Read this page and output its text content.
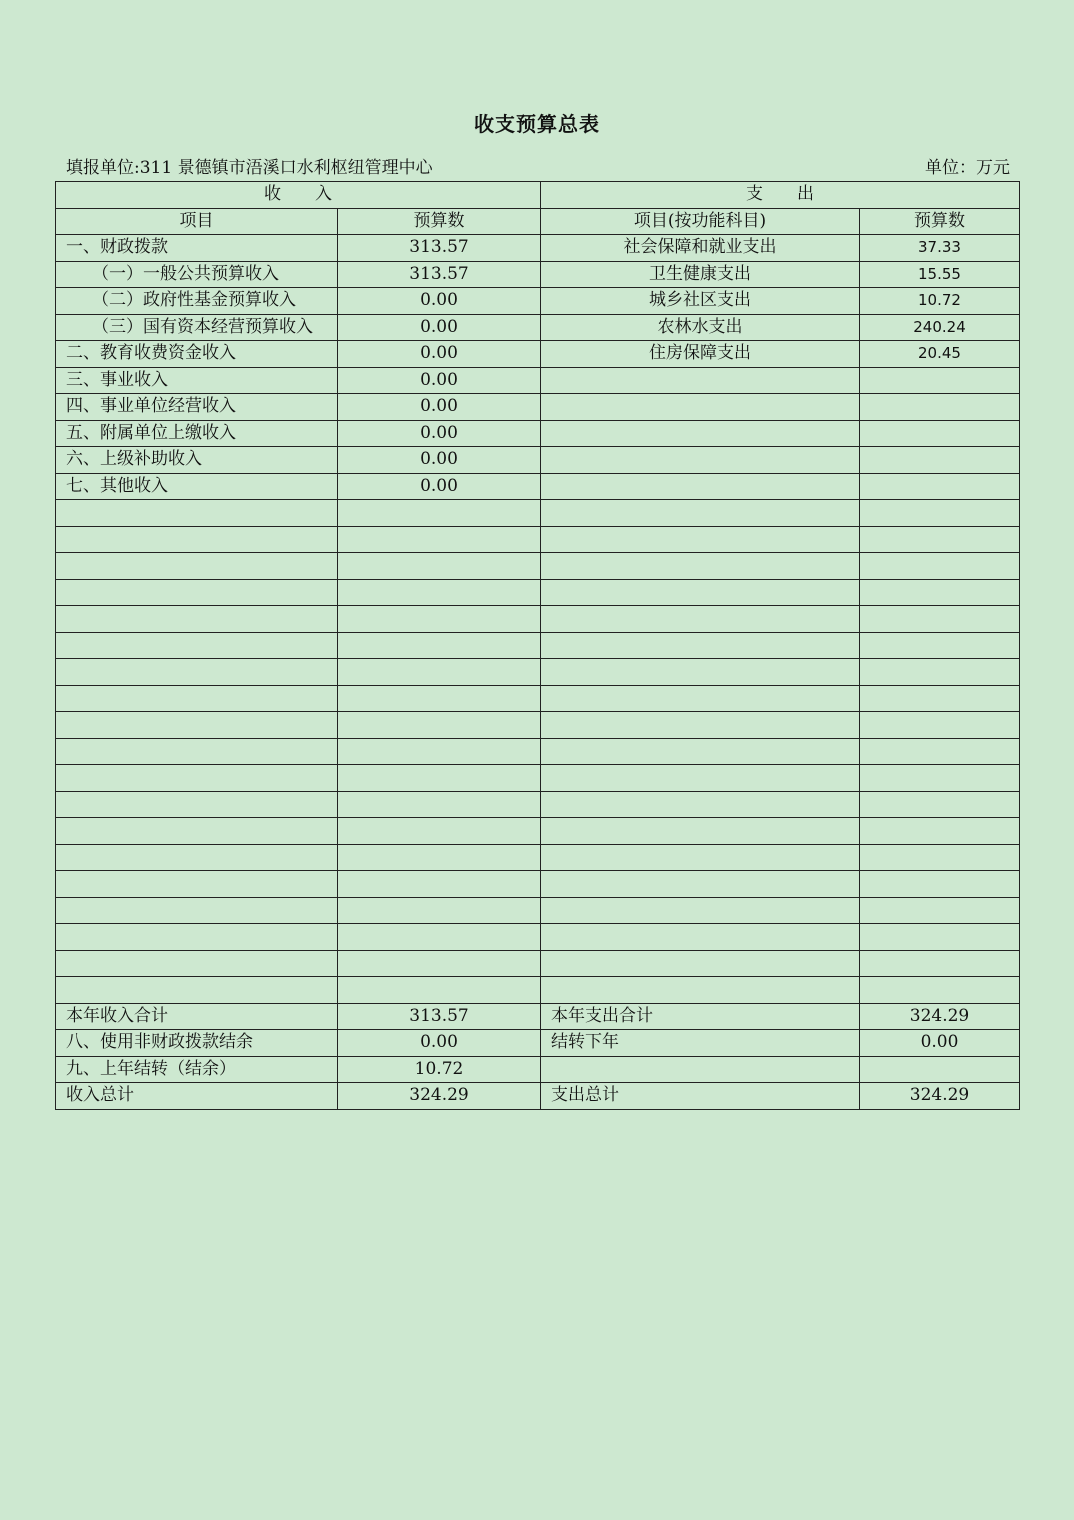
收支预算总表
填报单位:311 景德镇市浯溪口水利枢纽管理中心	单位：万元
收　　入		支　　出	
项目	预算数	项目(按功能科目)	预算数
一、财政拨款	313.57	社会保障和就业支出	37.33
（一）一般公共预算收入	313.57	卫生健康支出	15.55
（二）政府性基金预算收入	0.00	城乡社区支出	10.72
（三）国有资本经营预算收入	0.00	农林水支出	240.24
二、教育收费资金收入	0.00	住房保障支出	20.45
三、事业收入	0.00		
四、事业单位经营收入	0.00		
五、附属单位上缴收入	0.00		
六、上级补助收入	0.00		
七、其他收入	0.00		

本年收入合计	313.57	本年支出合计	324.29
八、使用非财政拨款结余	0.00	结转下年	0.00
九、上年结转（结余）	10.72		
收入总计	324.29	支出总计	324.29
